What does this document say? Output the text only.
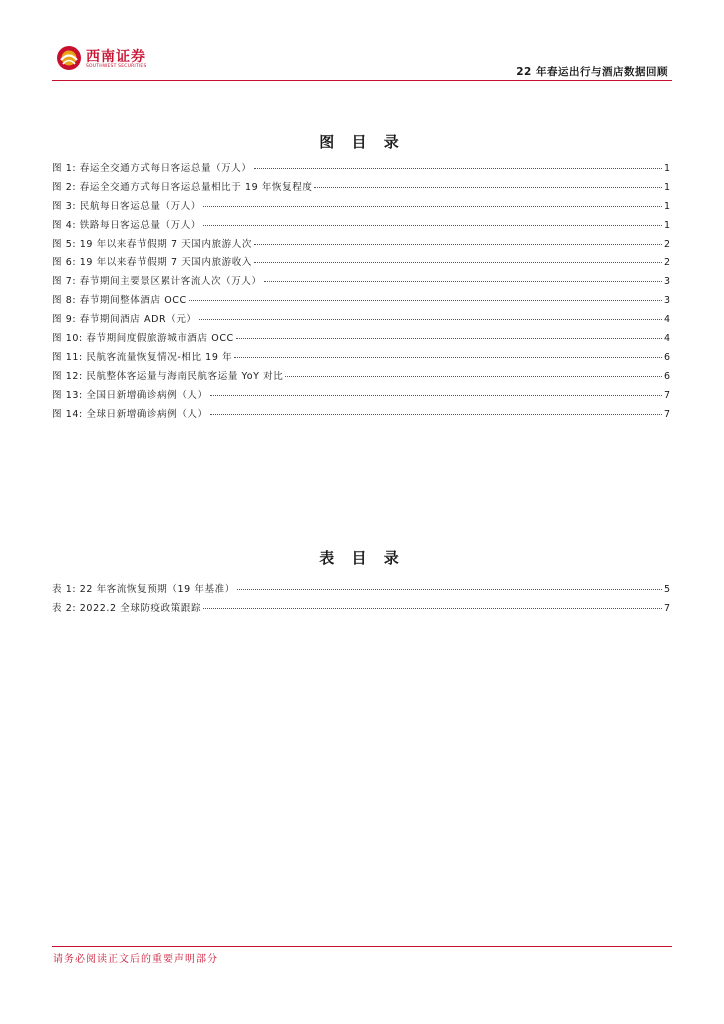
西南证券
SOUTHWEST SECURITIES	22 年春运出行与酒店数据回顾
图 目 录
图 1: 春运全交通方式每日客运总量（万人）	1
图 2: 春运全交通方式每日客运总量相比于 19 年恢复程度	1
图 3: 民航每日客运总量（万人）	1
图 4: 铁路每日客运总量（万人）	1
图 5: 19 年以来春节假期 7 天国内旅游人次	2
图 6: 19 年以来春节假期 7 天国内旅游收入	2
图 7: 春节期间主要景区累计客流人次（万人）	3
图 8: 春节期间整体酒店 OCC	3
图 9: 春节期间酒店 ADR（元）	4
图 10: 春节期间度假旅游城市酒店 OCC	4
图 11: 民航客流量恢复情况-相比 19 年	6
图 12: 民航整体客运量与海南民航客运量 YoY 对比	6
图 13: 全国日新增确诊病例（人）	7
图 14: 全球日新增确诊病例（人）	7
表 目 录
表 1: 22 年客流恢复预期（19 年基准）	5
表 2: 2022.2 全球防疫政策跟踪	7
请务必阅读正文后的重要声明部分
